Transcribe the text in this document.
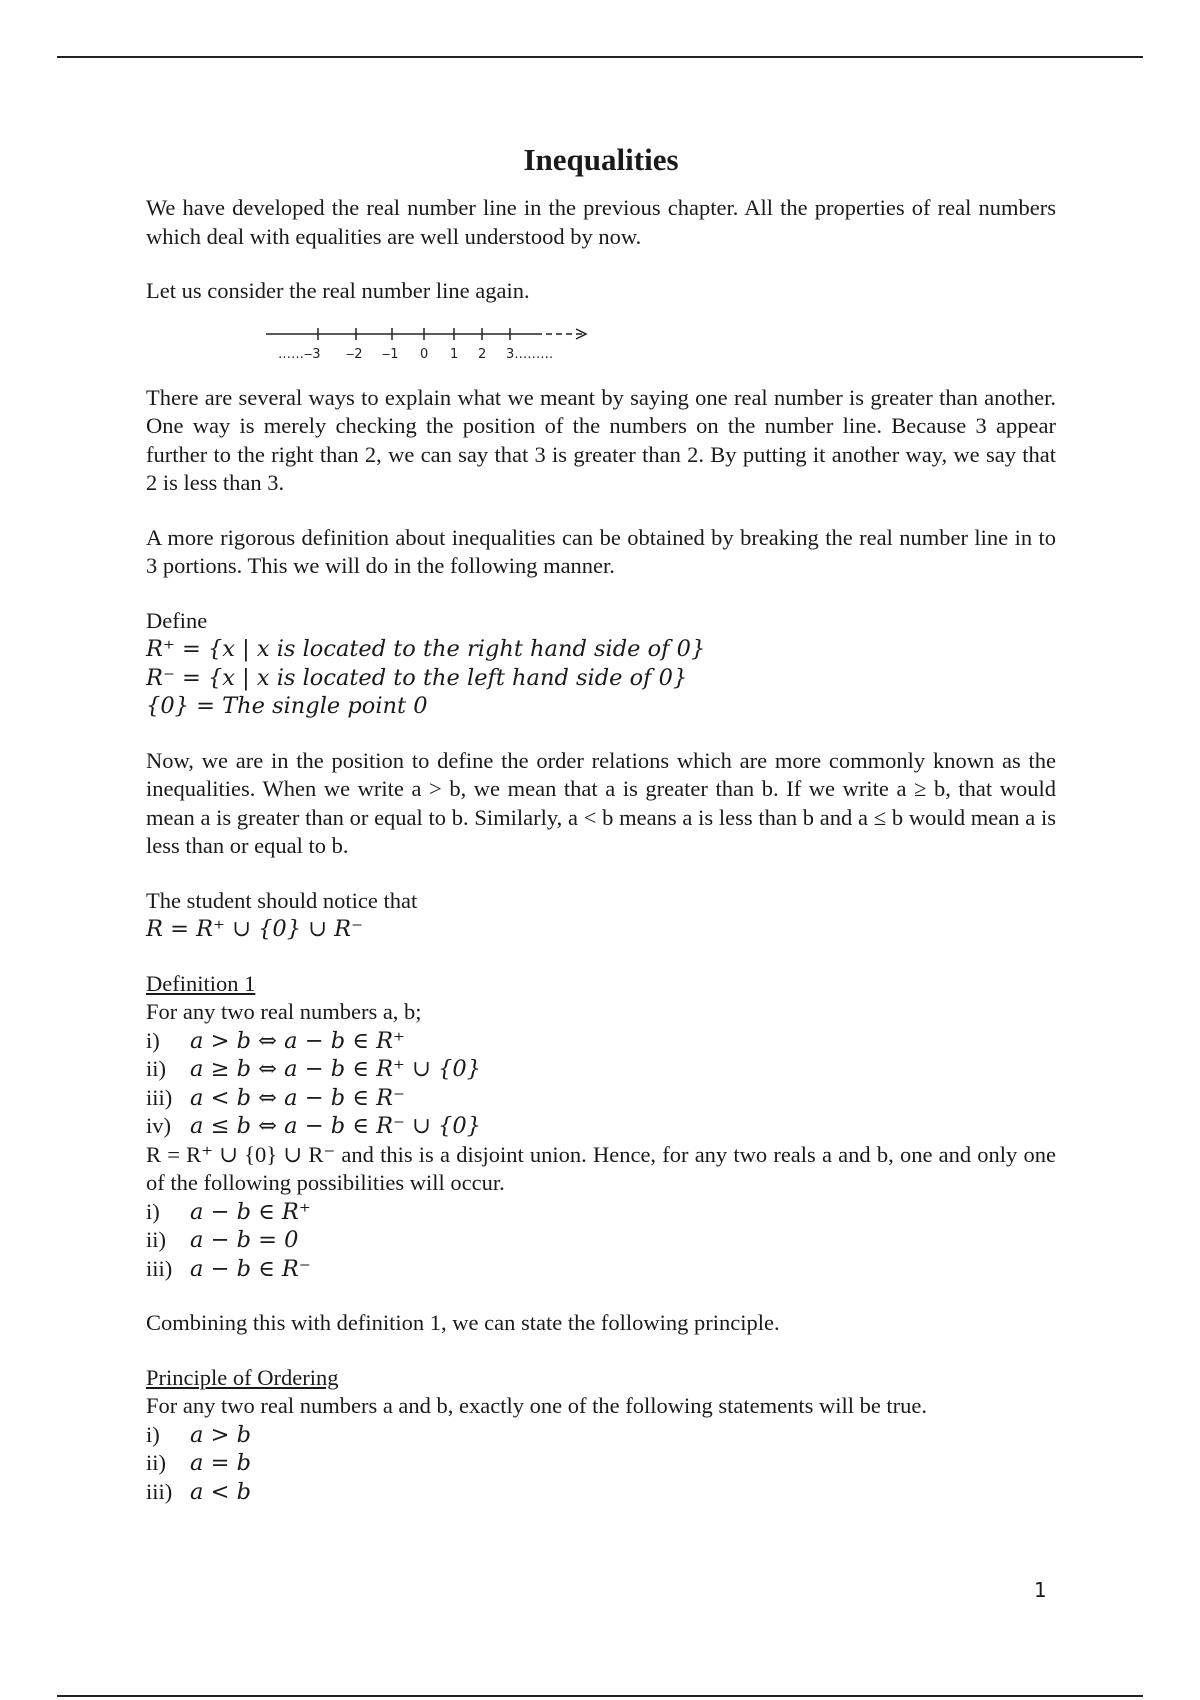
Inequalities

We have developed the real number line in the previous chapter. All the properties of real numbers which deal with equalities are well understood by now.

Let us consider the real number line again.

……‒3 ‒2 ‒1 0 1 2 3………

There are several ways to explain what we meant by saying one real number is greater than another. One way is merely checking the position of the numbers on the number line. Because 3 appear further to the right than 2, we can say that 3 is greater than 2. By putting it another way, we say that 2 is less than 3.

A more rigorous definition about inequalities can be obtained by breaking the real number line in to 3 portions. This we will do in the following manner.

Define
R⁺ = {x | x is located to the right hand side of 0}
R⁻ = {x | x is located to the left hand side of 0}
{0} = The single point 0

Now, we are in the position to define the order relations which are more commonly known as the inequalities. When we write a > b, we mean that a is greater than b. If we write a ≥ b, that would mean a is greater than or equal to b. Similarly, a < b means a is less than b and a ≤ b would mean a is less than or equal to b.

The student should notice that
R = R⁺ ∪ {0} ∪ R⁻
Definition 1
For any two real numbers a, b;
i)	a > b ⇔ a − b ∈ R⁺
ii)	a ≥ b ⇔ a − b ∈ R⁺ ∪ {0}
iii) a < b ⇔ a − b ∈ R⁻
iv) a ≤ b ⇔ a − b ∈ R⁻ ∪ {0}

R = R⁺ ∪ {0} ∪ R⁻ and this is a disjoint union. Hence, for any two reals a and b, one and only one of the following possibilities will occur.

i)	a − b ∈ R⁺
ii)	a − b = 0
iii) a − b ∈ R⁻

Combining this with definition 1, we can state the following principle.

Principle of Ordering

For any two real numbers a and b, exactly one of the following statements will be true.

i)	a > b
ii)	a = b
iii) a < b
1
